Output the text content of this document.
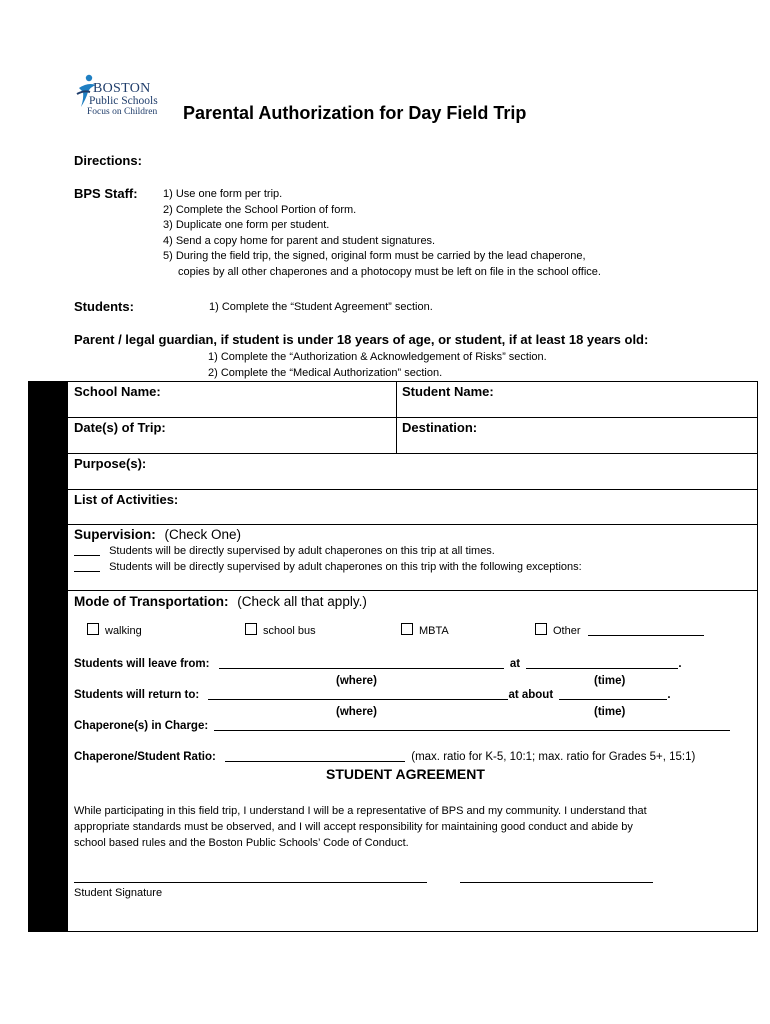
BOSTON
Public Schools
Focus on Children Parental Authorization for Day Field Trip
Directions:
BPS Staff: 1) Use one form per trip.
2) Complete the School Portion of form.
3) Duplicate one form per student.
4) Send a copy home for parent and student signatures.
5) During the field trip, the signed, original form must be carried by the lead chaperone,
copies by all other chaperones and a photocopy must be left on file in the school office.
Students:	1) Complete the “Student Agreement” section.
Parent / legal guardian, if student is under 18 years of age, or student, if at least 18 years old:
1) Complete the “Authorization & Acknowledgement of Risks” section.
2) Complete the “Medical Authorization” section.
School Name:	Student Name:
Date(s) of Trip:	Destination:
Purpose(s):
List of Activities:
Supervision: (Check One)
Students will be directly supervised by adult chaperones on this trip at all times.
Students will be directly supervised by adult chaperones on this trip with the following exceptions:
Mode of Transportation: (Check all that apply.)
walking	school bus	MBTA	Other
Students will leave from:	at	.
(where)	(time)
Students will return to:	at about	.
(where)	(time)
Chaperone(s) in Charge:
Chaperone/Student Ratio:	(max. ratio for K-5, 10:1; max. ratio for Grades 5+, 15:1)
STUDENT AGREEMENT
While participating in this field trip, I understand I will be a representative of BPS and my community. I understand that
appropriate standards must be observed, and I will accept responsibility for maintaining good conduct and abide by
school based rules and the Boston Public Schools’ Code of Conduct.
Student Signature
